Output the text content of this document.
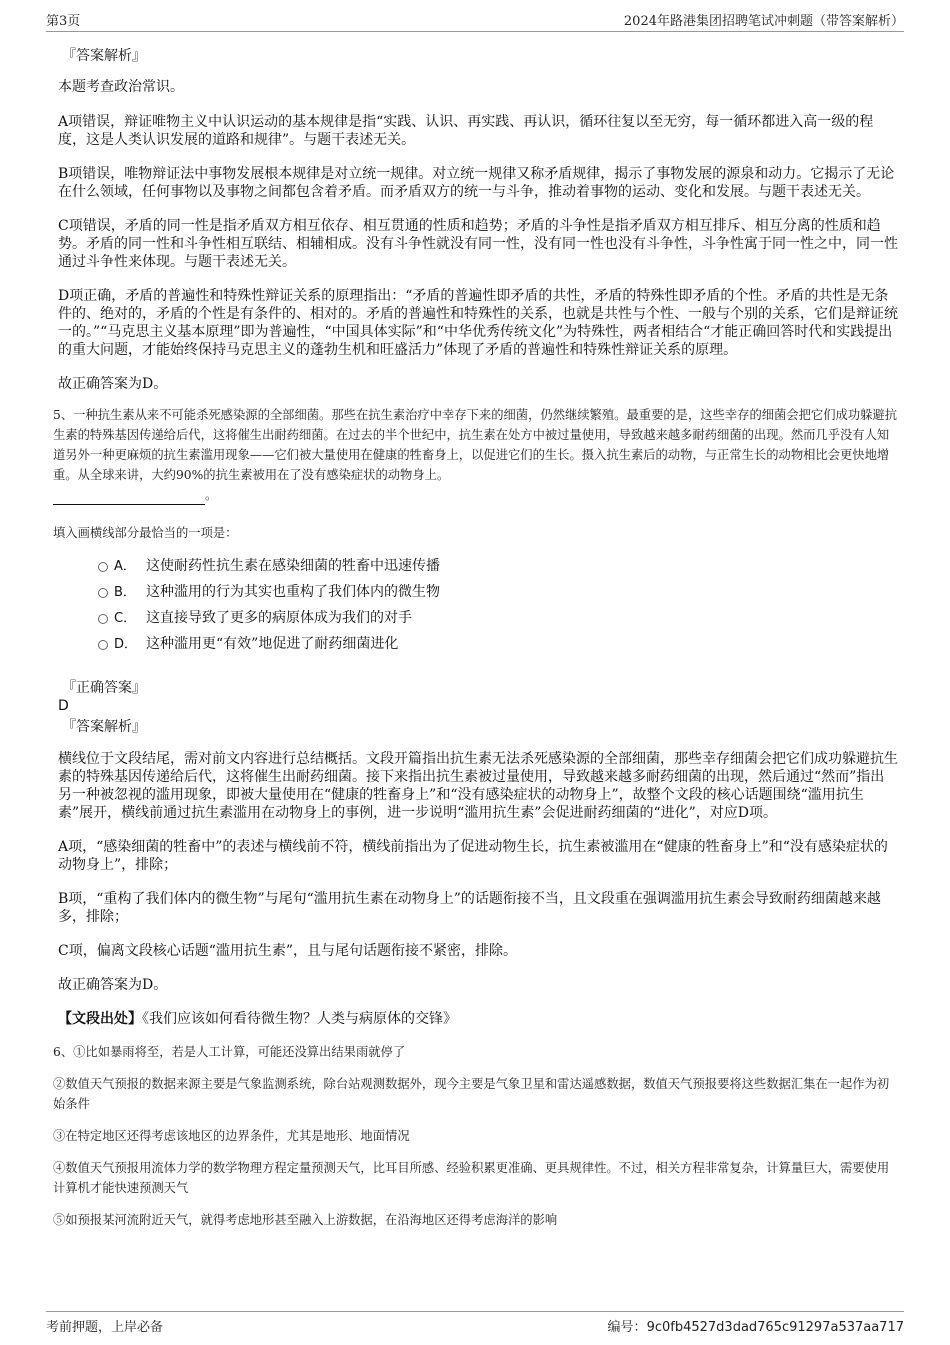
第3页	2024年路港集团招聘笔试冲刺题（带答案解析）

『答案解析』

本题考查政治常识。

A项错误，辩证唯物主义中认识运动的基本规律是指“实践、认识、再实践、再认识，循环往复以至无穷，每一循环都进入高一级的程度，这是人类认识发展的道路和规律”。与题干表述无关。

B项错误，唯物辩证法中事物发展根本规律是对立统一规律。对立统一规律又称矛盾规律，揭示了事物发展的源泉和动力。它揭示了无论在什么领域，任何事物以及事物之间都包含着矛盾。而矛盾双方的统一与斗争，推动着事物的运动、变化和发展。与题干表述无关。

C项错误，矛盾的同一性是指矛盾双方相互依存、相互贯通的性质和趋势；矛盾的斗争性是指矛盾双方相互排斥、相互分离的性质和趋势。矛盾的同一性和斗争性相互联结、相辅相成。没有斗争性就没有同一性，没有同一性也没有斗争性，斗争性寓于同一性之中，同一性通过斗争性来体现。与题干表述无关。

D项正确，矛盾的普遍性和特殊性辩证关系的原理指出：“矛盾的普遍性即矛盾的共性，矛盾的特殊性即矛盾的个性。矛盾的共性是无条件的、绝对的，矛盾的个性是有条件的、相对的。矛盾的普遍性和特殊性的关系，也就是共性与个性、一般与个别的关系，它们是辩证统一的。”“马克思主义基本原理”即为普遍性，“中国具体实际”和“中华优秀传统文化”为特殊性，两者相结合“才能正确回答时代和实践提出的重大问题，才能始终保持马克思主义的蓬勃生机和旺盛活力”体现了矛盾的普遍性和特殊性辩证关系的原理。

故正确答案为D。

5、一种抗生素从来不可能杀死感染源的全部细菌。那些在抗生素治疗中幸存下来的细菌，仍然继续繁殖。最重要的是，这些幸存的细菌会把它们成功躲避抗生素的特殊基因传递给后代，这将催生出耐药细菌。在过去的半个世纪中，抗生素在处方中被过量使用，导致越来越多耐药细菌的出现。然而几乎没有人知道另外一种更麻烦的抗生素滥用现象——它们被大量使用在健康的牲畜身上，以促进它们的生长。摄入抗生素后的动物，与正常生长的动物相比会更快地增重。从全球来讲，大约90%的抗生素被用在了没有感染症状的动物身上。

。

填入画横线部分最恰当的一项是：

A． 这使耐药性抗生素在感染细菌的牲畜中迅速传播
B． 这种滥用的行为其实也重构了我们体内的微生物
C． 这直接导致了更多的病原体成为我们的对手
D． 这种滥用更“有效”地促进了耐药细菌进化

『正确答案』

D

『答案解析』

横线位于文段结尾，需对前文内容进行总结概括。文段开篇指出抗生素无法杀死感染源的全部细菌，那些幸存细菌会把它们成功躲避抗生素的特殊基因传递给后代，这将催生出耐药细菌。接下来指出抗生素被过量使用，导致越来越多耐药细菌的出现，然后通过“然而”指出另一种被忽视的滥用现象，即被大量使用在“健康的牲畜身上”和“没有感染症状的动物身上”，故整个文段的核心话题围绕“滥用抗生素”展开，横线前通过抗生素滥用在动物身上的事例，进一步说明“滥用抗生素”会促进耐药细菌的“进化”，对应D项。

A项，“感染细菌的牲畜中”的表述与横线前不符，横线前指出为了促进动物生长，抗生素被滥用在“健康的牲畜身上”和“没有感染症状的动物身上”，排除；

B项，“重构了我们体内的微生物”与尾句“滥用抗生素在动物身上”的话题衔接不当，且文段重在强调滥用抗生素会导致耐药细菌越来越多，排除；

C项，偏离文段核心话题“滥用抗生素”，且与尾句话题衔接不紧密，排除。

故正确答案为D。

【文段出处】《我们应该如何看待微生物？人类与病原体的交锋》

6、①比如暴雨将至，若是人工计算，可能还没算出结果雨就停了

②数值天气预报的数据来源主要是气象监测系统，除台站观测数据外，现今主要是气象卫星和雷达遥感数据，数值天气预报要将这些数据汇集在一起作为初始条件

③在特定地区还得考虑该地区的边界条件，尤其是地形、地面情况

④数值天气预报用流体力学的数学物理方程定量预测天气，比耳目所感、经验积累更准确、更具规律性。不过，相关方程非常复杂，计算量巨大，需要使用计算机才能快速预测天气

⑤如预报某河流附近天气，就得考虑地形甚至融入上游数据，在沿海地区还得考虑海洋的影响

考前押题，上岸必备	编号：9c0fb4527d3dad765c91297a537aa717
